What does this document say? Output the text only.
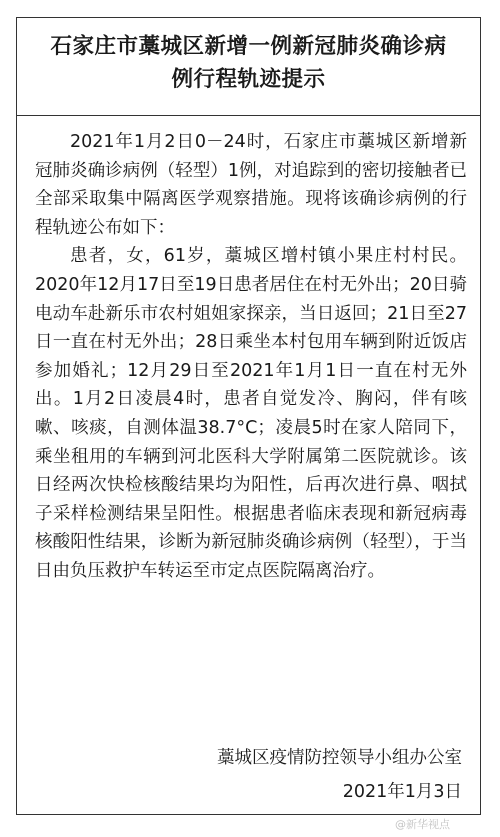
石家庄市藁城区新增一例新冠肺炎确诊病
例行程轨迹提示

2021年1月2日0－24时，石家庄市藁城区新增新冠肺炎确诊病例（轻型）1例，对追踪到的密切接触者已全部采取集中隔离医学观察措施。现将该确诊病例的行程轨迹公布如下：

患者，女，61岁，藁城区增村镇小果庄村村民。2020年12月17日至19日患者居住在村无外出；20日骑电动车赴新乐市农村姐姐家探亲，当日返回；21日至27日一直在村无外出；28日乘坐本村包用车辆到附近饭店参加婚礼；12月29日至2021年1月1日一直在村无外出。1月2日凌晨4时，患者自觉发冷、胸闷，伴有咳嗽、咳痰，自测体温38.7°C；凌晨5时在家人陪同下，乘坐租用的车辆到河北医科大学附属第二医院就诊。该日经两次快检核酸结果均为阳性，后再次进行鼻、咽拭子采样检测结果呈阳性。根据患者临床表现和新冠病毒核酸阳性结果，诊断为新冠肺炎确诊病例（轻型），于当日由负压救护车转运至市定点医院隔离治疗。

藁城区疫情防控领导小组办公室
2021年1月3日
@新华视点
